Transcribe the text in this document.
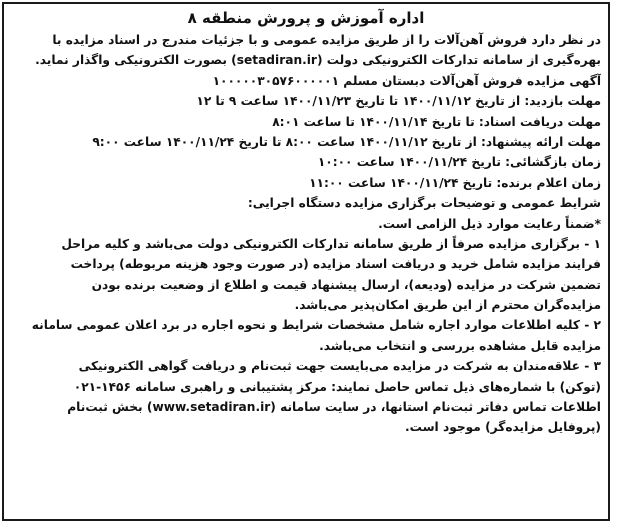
اداره آموزش و پرورش منطقه ۸
در نظر دارد فروش آهن‌آلات را از طریق مزایده عمومی و با جزئیات مندرج در اسناد مزایده با
بهره‌گیری از سامانه تدارکات الکترونیکی دولت (setadiran.ir) بصورت الکترونیکی واگذار نماید.
آگهی مزایده فروش آهن‌آلات دبستان مسلم ۱۰۰۰۰۰۳۰۵۷۶۰۰۰۰۰۱
مهلت بازدید: از تاریخ ۱۴۰۰/۱۱/۱۲ تا تاریخ ۱۴۰۰/۱۱/۲۳ ساعت ۹ تا ۱۲
مهلت دریافت اسناد: تا تاریخ ۱۴۰۰/۱۱/۱۴ تا ساعت ۸:۰۱
مهلت ارائه پیشنهاد: از تاریخ ۱۴۰۰/۱۱/۱۲ ساعت ۸:۰۰ تا تاریخ ۱۴۰۰/۱۱/۲۴ ساعت ۹:۰۰
زمان بازگشائی: تاریخ ۱۴۰۰/۱۱/۲۴ ساعت ۱۰:۰۰
زمان اعلام برنده: تاریخ ۱۴۰۰/۱۱/۲۴ ساعت ۱۱:۰۰
شرایط عمومی و توضیحات برگزاری مزایده دستگاه اجرایی:
*ضمناً رعایت موارد ذیل الزامی است.
۱ - برگزاری مزایده صرفاً از طریق سامانه تدارکات الکترونیکی دولت می‌باشد و کلیه مراحل
فرایند مزایده شامل خرید و دریافت اسناد مزایده (در صورت وجود هزینه مربوطه) پرداخت
تضمین شرکت در مزایده (ودیعه)، ارسال پیشنهاد قیمت و اطلاع از وضعیت برنده بودن
مزایده‌گران محترم از این طریق امکان‌پذیر می‌باشد.
۲ - کلیه اطلاعات موارد اجاره شامل مشخصات شرایط و نحوه اجاره در برد اعلان عمومی سامانه
مزایده قابل مشاهده بررسی و انتخاب می‌باشد.
۳ - علاقه‌مندان به شرکت در مزایده می‌بایست جهت ثبت‌نام و دریافت گواهی الکترونیکی
(توکن) با شماره‌های ذیل تماس حاصل نمایند: مرکز پشتیبانی و راهبری سامانه ۱۴۵۶-۰۲۱
اطلاعات تماس دفاتر ثبت‌نام استانها، در سایت سامانه (www.setadiran.ir) بخش ثبت‌نام
(پروفایل مزایده‌گر) موجود است.
